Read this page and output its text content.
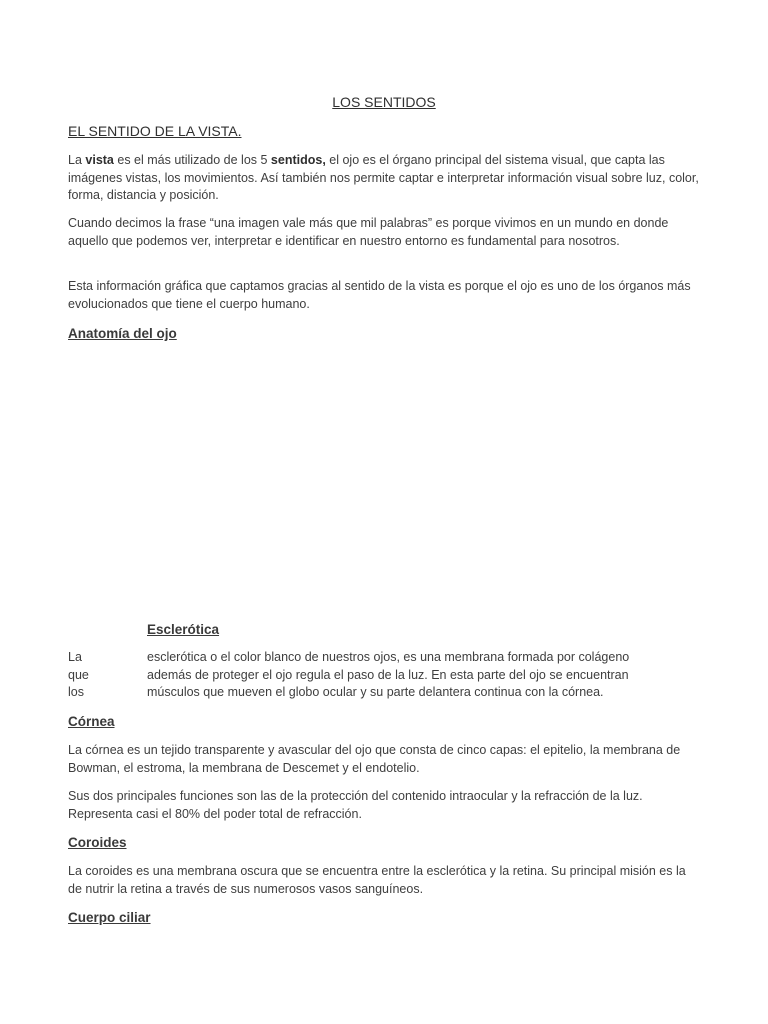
LOS SENTIDOS
EL SENTIDO DE LA VISTA.

La vista es el más utilizado de los 5 sentidos, el ojo es el órgano principal del sistema visual, que capta las imágenes vistas, los movimientos. Así también nos permite captar e interpretar información visual sobre luz, color, forma, distancia y posición.

Cuando decimos la frase “una imagen vale más que mil palabras” es porque vivimos en un mundo en donde aquello que podemos ver, interpretar e identificar en nuestro entorno es fundamental para nosotros.

Esta información gráfica que captamos gracias al sentido de la vista es porque el ojo es uno de los órganos más evolucionados que tiene el cuerpo humano.

Anatomía del ojo
Esclerótica
La
que
los
esclerótica o el color blanco de nuestros ojos, es una membrana formada por colágeno
además de proteger el ojo regula el paso de la luz. En esta parte del ojo se encuentran
músculos que mueven el globo ocular y su parte delantera continua con la córnea.
Córnea

La córnea es un tejido transparente y avascular del ojo que consta de cinco capas: el epitelio, la membrana de Bowman, el estroma, la membrana de Descemet y el endotelio.

Sus dos principales funciones son las de la protección del contenido intraocular y la refracción de la luz. Representa casi el 80% del poder total de refracción.

Coroides

La coroides es una membrana oscura que se encuentra entre la esclerótica y la retina. Su principal misión es la de nutrir la retina a través de sus numerosos vasos sanguíneos.

Cuerpo ciliar
